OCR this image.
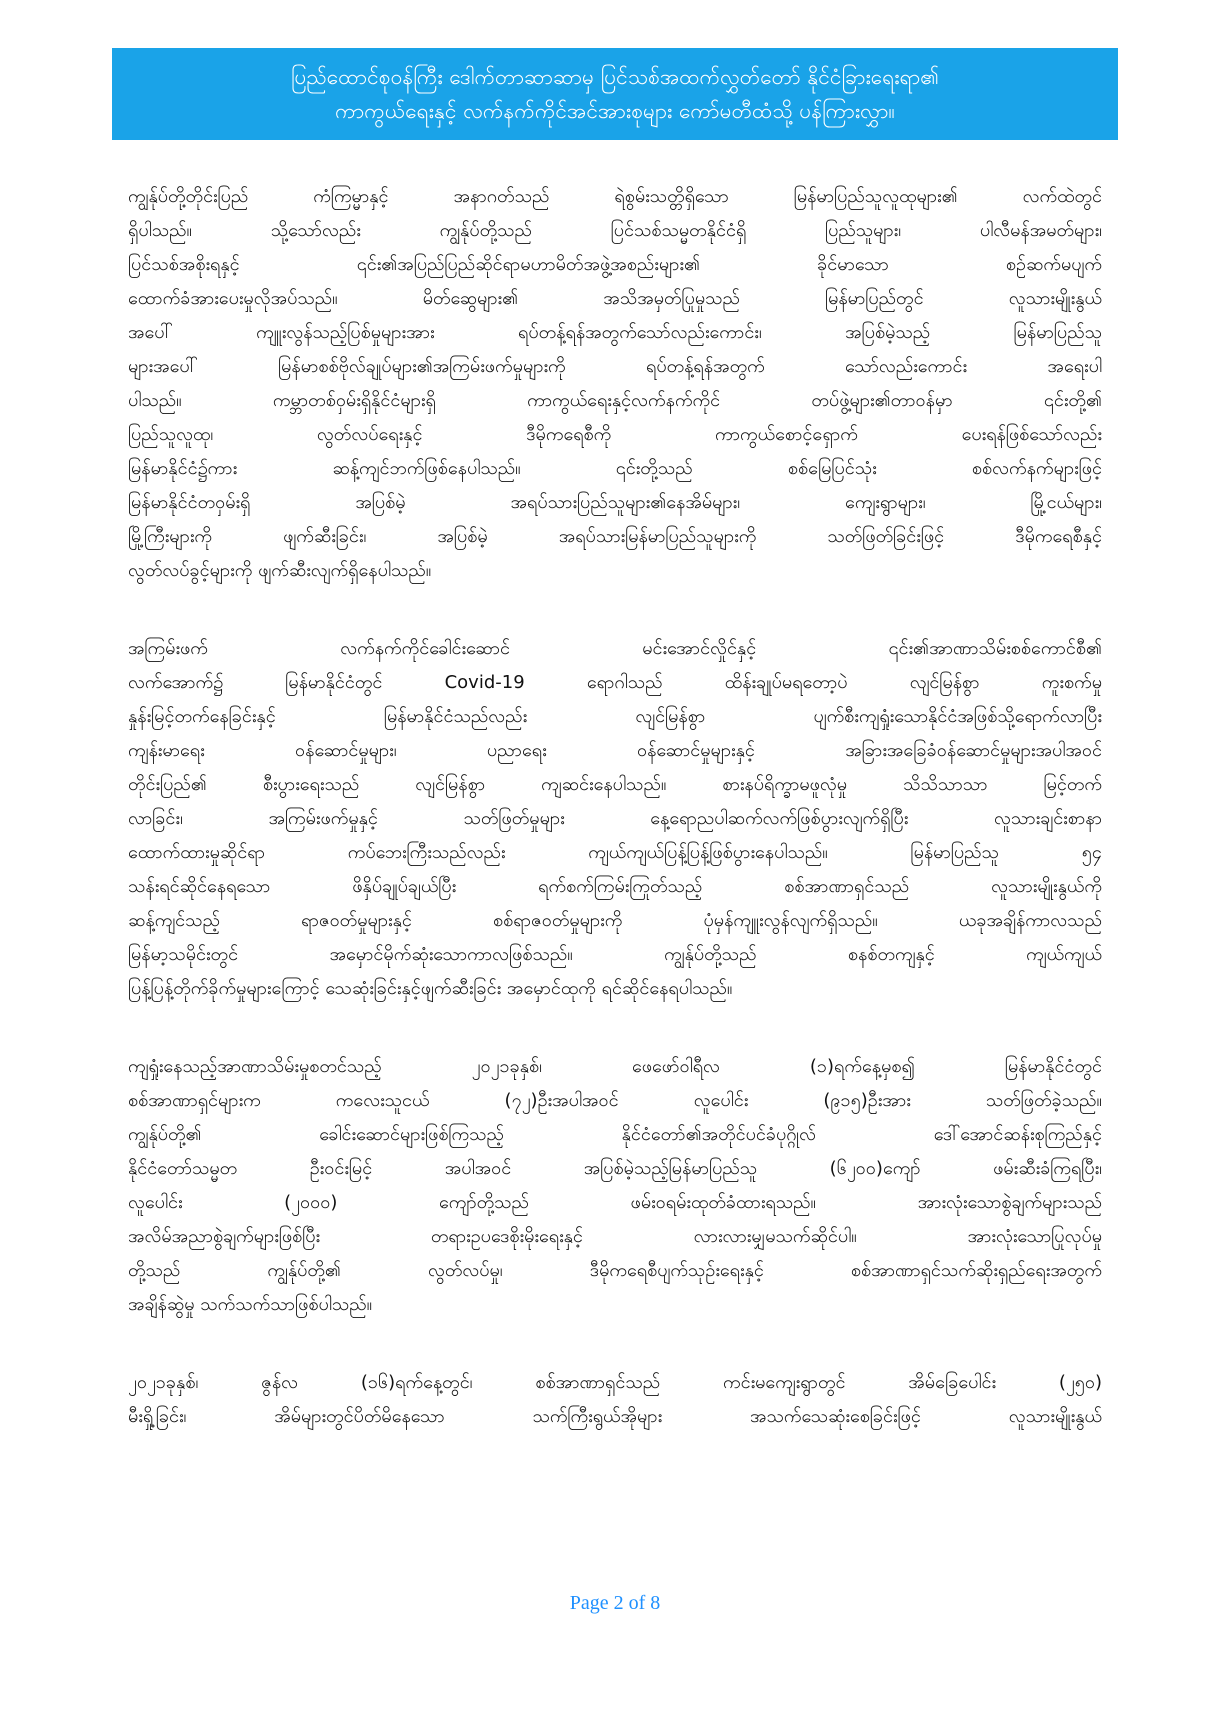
ပြည်ထောင်စုဝန်ကြီး ဒေါက်တာဆာဆာမှ ပြင်သစ်အထက်လွှတ်တော် နိုင်ငံခြားရေးရာ၏
ကာကွယ်ရေးနှင့် လက်နက်ကိုင်အင်အားစုများ ကော်မတီထံသို့ ပန်ကြားလွှာ။

ကျွန်ုပ်တို့တိုင်းပြည် ကံကြမ္မာနှင့် အနာဂတ်သည် ရဲစွမ်းသတ္တိရှိသော မြန်မာပြည်သူလူထုများ၏ လက်ထဲတွင်
ရှိပါသည်။ သို့သော်လည်း ကျွန်ုပ်တို့သည် ပြင်သစ်သမ္မတနိုင်ငံရှိ ပြည်သူများ၊ ပါလီမန်အမတ်များ၊
ပြင်သစ်အစိုးရနှင့် ၎င်း၏အပြည်ပြည်ဆိုင်ရာမဟာမိတ်အဖွဲ့အစည်းများ၏ ခိုင်မာသော စဉ်ဆက်မပျက်
ထောက်ခံအားပေးမှုလိုအပ်သည်။ မိတ်ဆွေများ၏ အသိအမှတ်ပြုမှုသည် မြန်မာပြည်တွင် လူသားမျိုးနွယ်
အပေါ် ကျူးလွန်သည့်ပြစ်မှုများအား ရပ်တန့်ရန်အတွက်သော်လည်းကောင်း၊ အပြစ်မဲ့သည့် မြန်မာပြည်သူ
များအပေါ် မြန်မာစစ်ဗိုလ်ချုပ်များ၏အကြမ်းဖက်မှုများကို ရပ်တန့်ရန်အတွက် သော်လည်းကောင်း အရေးပါ
ပါသည်။ ကမ္ဘာတစ်ဝှမ်းရှိနိုင်ငံများရှိ ကာကွယ်ရေးနှင့်လက်နက်ကိုင် တပ်ဖွဲ့များ၏တာဝန်မှာ ၎င်းတို့၏
ပြည်သူလူထု၊ လွတ်လပ်ရေးနှင့် ဒီမိုကရေစီကို ကာကွယ်စောင့်ရှောက် ပေးရန်ဖြစ်သော်လည်း
မြန်မာနိုင်ငံ၌ကား ဆန့်ကျင်ဘက်ဖြစ်နေပါသည်။ ၎င်းတို့သည် စစ်မြေပြင်သုံး စစ်လက်နက်များဖြင့်
မြန်မာနိုင်ငံတဝှမ်းရှိ အပြစ်မဲ့ အရပ်သားပြည်သူများ၏နေအိမ်များ၊ ကျေးရွာများ၊ မြို့ငယ်များ၊
မြို့ကြီးများကို ဖျက်ဆီးခြင်း၊ အပြစ်မဲ့ အရပ်သားမြန်မာပြည်သူများကို သတ်ဖြတ်ခြင်းဖြင့် ဒီမိုကရေစီနှင့်
လွတ်လပ်ခွင့်များကို ဖျက်ဆီးလျက်ရှိနေပါသည်။

အကြမ်းဖက် လက်နက်ကိုင်ခေါင်းဆောင် မင်းအောင်လှိုင်နှင့် ၎င်း၏အာဏာသိမ်းစစ်ကောင်စီ၏
လက်အောက်၌ မြန်မာနိုင်ငံတွင် Covid-19 ရောဂါသည် ထိန်းချုပ်မရတော့ပဲ လျင်မြန်စွာ ကူးစက်မှု
နှုန်းမြင့်တက်နေခြင်းနှင့် မြန်မာနိုင်ငံသည်လည်း လျင်မြန်စွာ ပျက်စီးကျရှုံးသောနိုင်ငံအဖြစ်သို့ရောက်လာပြီး
ကျန်းမာရေး ဝန်ဆောင်မှုများ၊ ပညာရေး ဝန်ဆောင်မှုများနှင့် အခြားအခြေခံဝန်ဆောင်မှုများအပါအဝင်
တိုင်းပြည်၏ စီးပွားရေးသည် လျင်မြန်စွာ ကျဆင်းနေပါသည်။ စားနပ်ရိက္ခာမဖူလုံမှု သိသိသာသာ မြင့်တက်
လာခြင်း၊ အကြမ်းဖက်မှုနှင့် သတ်ဖြတ်မှုများ နေ့ရောညပါဆက်လက်ဖြစ်ပွားလျက်ရှိပြီး လူသားချင်းစာနာ
ထောက်ထားမှုဆိုင်ရာ ကပ်ဘေးကြီးသည်လည်း ကျယ်ကျယ်ပြန့်ပြန့်ဖြစ်ပွားနေပါသည်။ မြန်မာပြည်သူ ၅၄
သန်းရင်ဆိုင်နေရသော ဖိနှိပ်ချုပ်ချယ်ပြီး ရက်စက်ကြမ်းကြုတ်သည့် စစ်အာဏာရှင်သည် လူသားမျိုးနွယ်ကို
ဆန့်ကျင်သည့် ရာဇဝတ်မှုများနှင့် စစ်ရာဇဝတ်မှုများကို ပုံမှန်ကျူးလွန်လျက်ရှိသည်။ ယခုအချိန်ကာလသည်
မြန်မာ့သမိုင်းတွင် အမှောင်မိုက်ဆုံးသောကာလဖြစ်သည်။ ကျွန်ုပ်တို့သည် စနစ်တကျနှင့် ကျယ်ကျယ်
ပြန့်ပြန့်တိုက်ခိုက်မှုများကြောင့် သေဆုံးခြင်းနှင့်ဖျက်ဆီးခြင်း အမှောင်ထုကို ရင်ဆိုင်နေရပါသည်။

ကျရှုံးနေသည့်အာဏာသိမ်းမှုစတင်သည့် ၂၀၂၁ခုနှစ်၊ ဖေဖော်ဝါရီလ (၁)ရက်နေ့မှစ၍ မြန်မာနိုင်ငံတွင်
စစ်အာဏာရှင်များက ကလေးသူငယ် (၇၂)ဦးအပါအဝင် လူပေါင်း (၉၁၅)ဦးအား သတ်ဖြတ်ခဲ့သည်။
ကျွန်ုပ်တို့၏ ခေါင်းဆောင်များဖြစ်ကြသည့် နိုင်ငံတော်၏အတိုင်ပင်ခံပုဂ္ဂိုလ် ဒေါ်အောင်ဆန်းစုကြည်နှင့်
နိုင်ငံတော်သမ္မတ ဦးဝင်းမြင့် အပါအဝင် အပြစ်မဲ့သည့်မြန်မာပြည်သူ (၆၂၀၀)ကျော် ဖမ်းဆီးခံကြရပြီး၊
လူပေါင်း (၂၀၀၀) ကျော်တို့သည် ဖမ်းဝရမ်းထုတ်ခံထားရသည်။ အားလုံးသောစွဲချက်များသည်
အလိမ်အညာစွဲချက်များဖြစ်ပြီး တရားဥပဒေစိုးမိုးရေးနှင့် လားလားမျှမသက်ဆိုင်ပါ။ အားလုံးသောပြုလုပ်မှု
တို့သည် ကျွန်ုပ်တို့၏ လွတ်လပ်မှု၊ ဒီမိုကရေစီပျက်သုဉ်းရေးနှင့် စစ်အာဏာရှင်သက်ဆိုးရှည်ရေးအတွက်
အချိန်ဆွဲမှု သက်သက်သာဖြစ်ပါသည်။

၂၀၂၁ခုနှစ်၊ ဇွန်လ (၁၆)ရက်နေ့တွင်၊ စစ်အာဏာရှင်သည် ကင်းမကျေးရွာတွင် အိမ်ခြေပေါင်း (၂၅၀)
မီးရှို့ခြင်း၊ အိမ်များတွင်ပိတ်မိနေသော သက်ကြီးရွယ်အိုများ အသက်သေဆုံးစေခြင်းဖြင့် လူသားမျိုးနွယ်

Page 2 of 8
